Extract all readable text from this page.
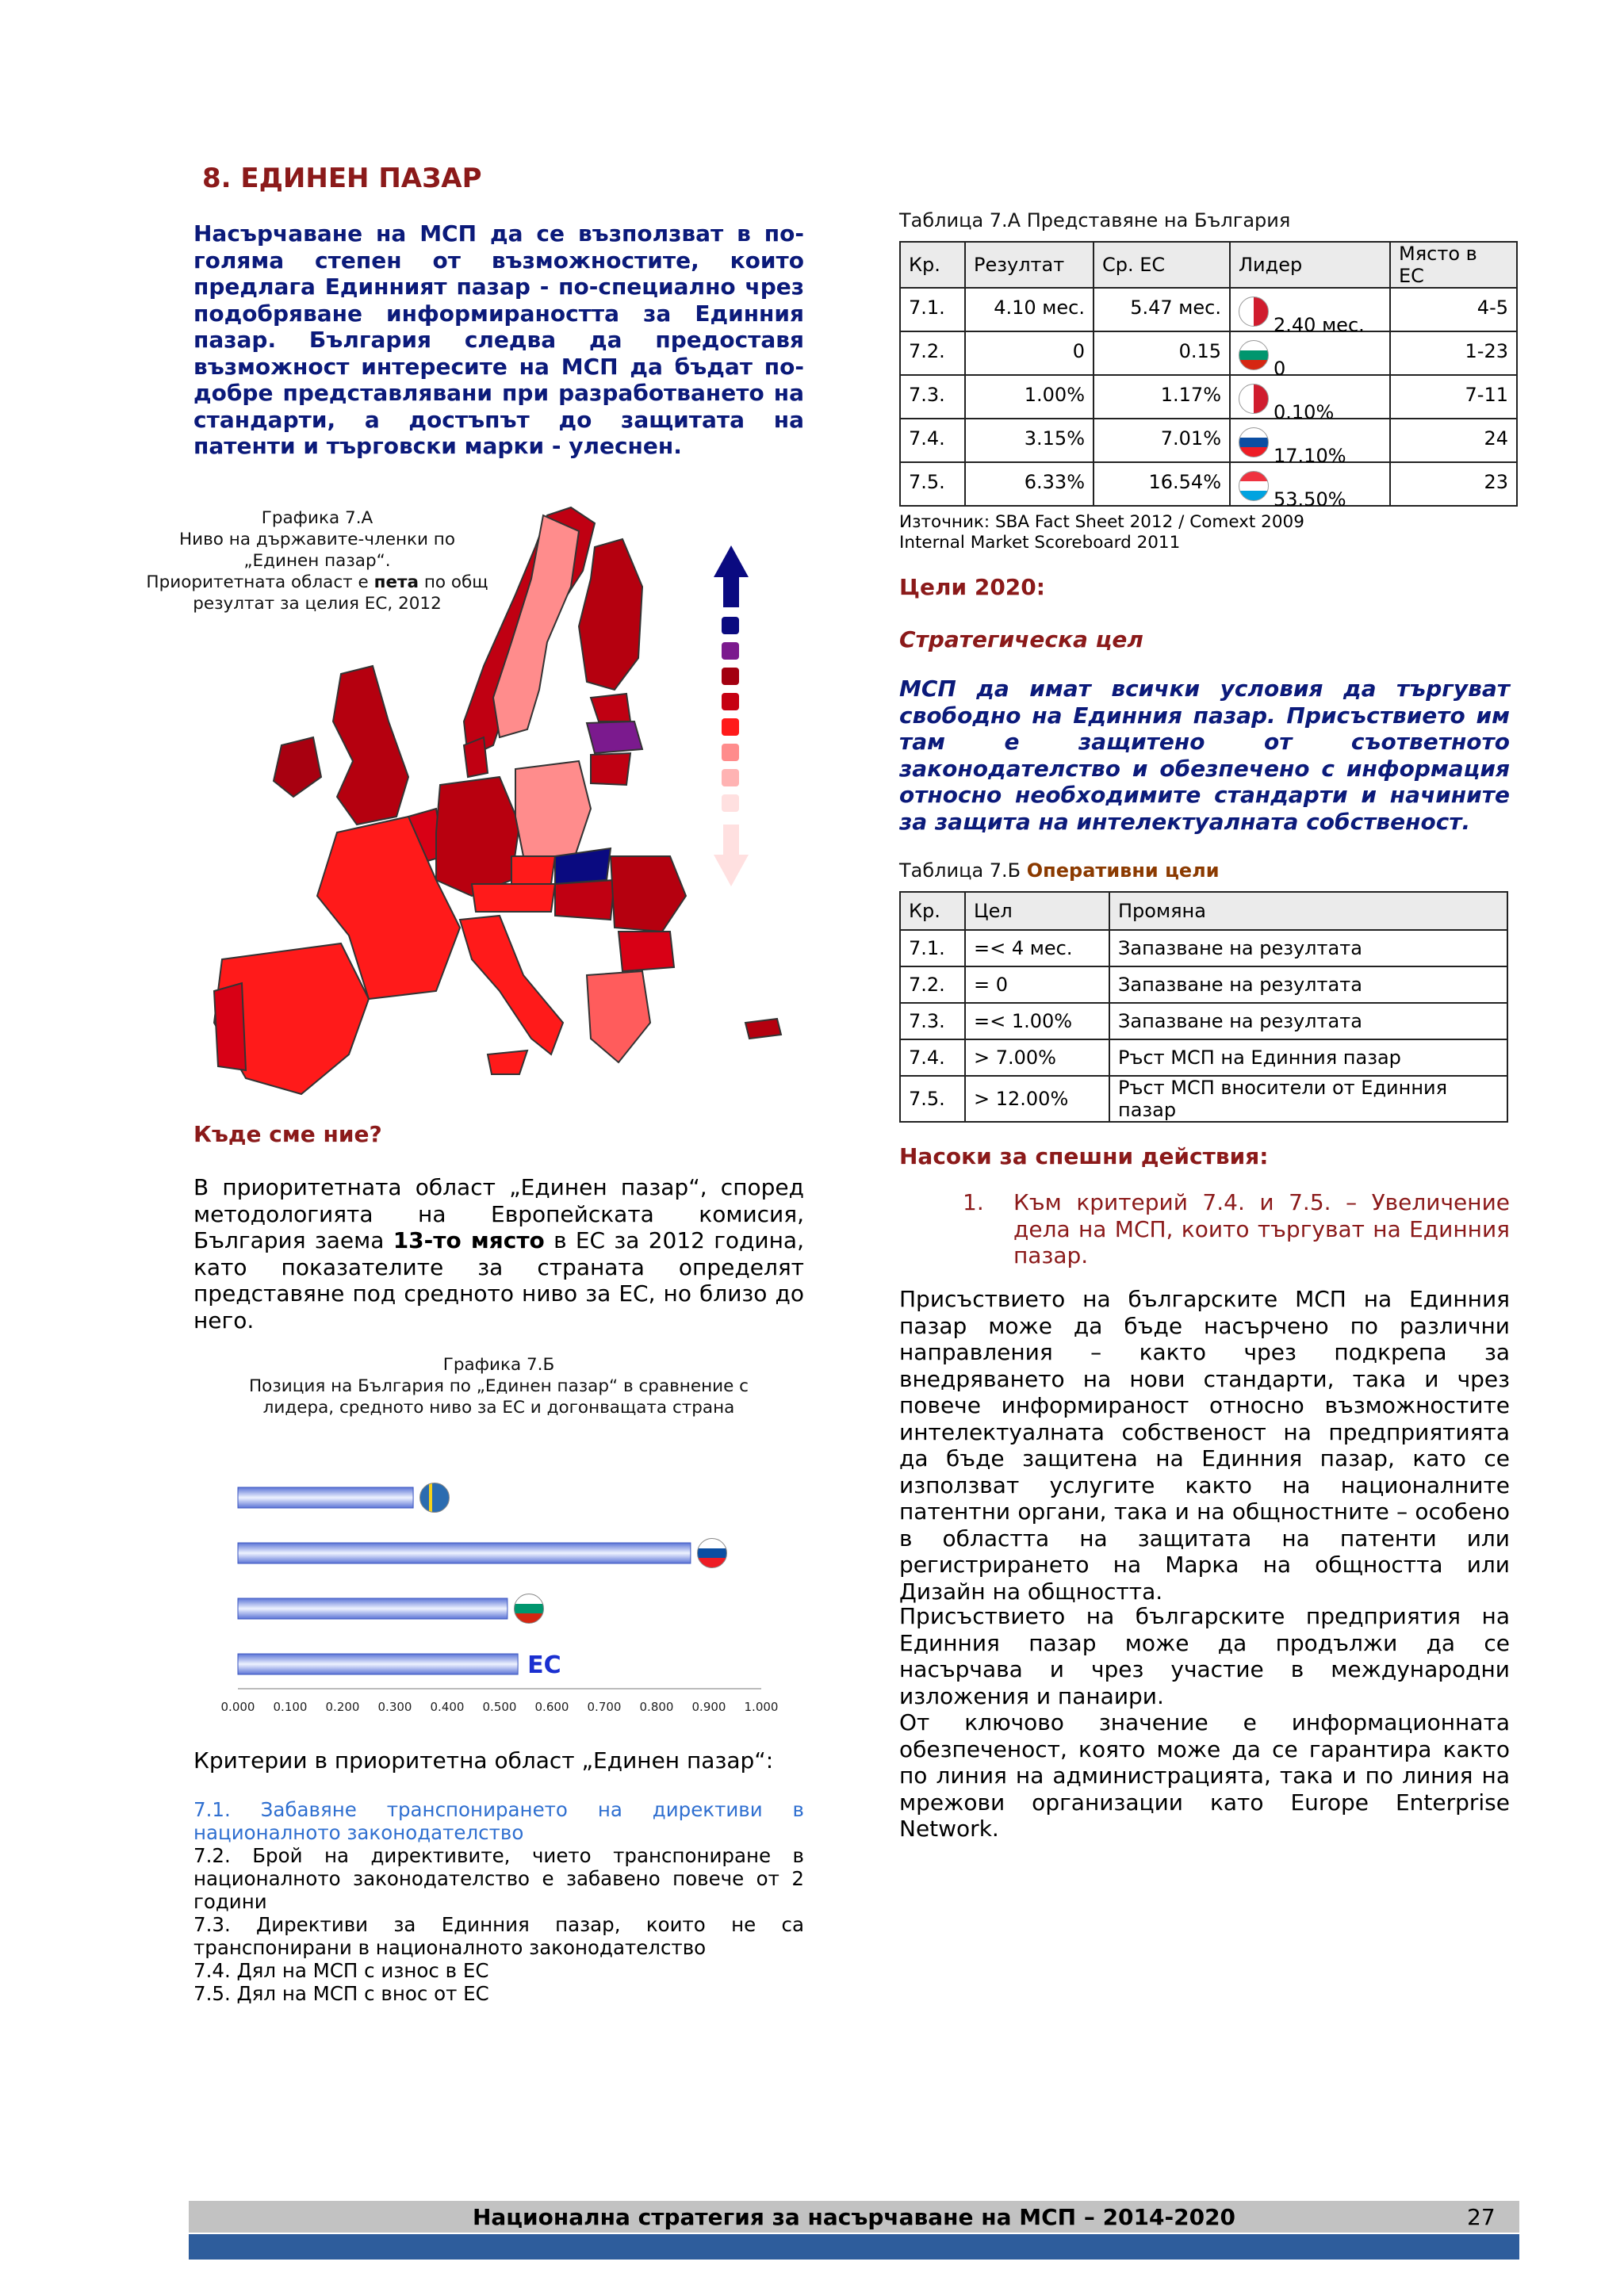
8. ЕДИНЕН ПАЗАР
Насърчаване на МСП да се възползват в по-голяма степен от възможностите, които предлага Единният пазар - по-специално чрез подобряване информираността за Единния пазар. България следва да предоставя възможност интересите на МСП да бъдат по-добре представлявани при разработването на стандарти, а достъпът до защитата на патенти и търговски марки - улеснен.
Графика 7.А
Ниво на държавите-членки по
„Единен пазар“.
Приоритетната област е пета по общ
резултат за целия ЕС, 2012
Къде сме ние?
В приоритетната област „Единен пазар“, според методологията на Европейската комисия, България заема 13-то място в ЕС за 2012 година, като показателите за страната определят представяне под средното ниво за ЕС, но близо до него.
Графика 7.Б
Позиция на България по „Единен пазар“ в сравнение с
лидера, средното ниво за ЕС и догонващата страна
ЕС
0.000 0.100 0.200 0.300 0.400 0.500 0.600 0.700 0.800 0.900 1.000
Критерии в приоритетна област „Единен пазар“:
7.1. Забавяне транспонирането на директиви в националното законодателство
7.2. Брой на директивите, чието транспониране в националното законодателство е забавено повече от 2 години
7.3. Директиви за Единния пазар, които не са транспонирани в националното законодателство
7.4. Дял на МСП с износ в ЕС
7.5. Дял на МСП с внос от ЕС
Таблица 7.А Представяне на България
Кр.	Резултат	Ср. ЕС	Лидер	Място в ЕС
7.1.	4.10 мес.	5.47 мес.	2.40 мес.	4-5
7.2.	0	0.15	0	1-23
7.3.	1.00%	1.17%	0.10%	7-11
7.4.	3.15%	7.01%	17.10%	24
7.5.	6.33%	16.54%	53.50%	23
Източник: SBA Fact Sheet 2012 / Comext 2009
Internal Market Scoreboard 2011
Цели 2020:
Стратегическа цел
МСП да имат всички условия да търгуват свободно на Единния пазар. Присъствието им там е защитено от съответното законодателство и обезпечено с информация относно необходимите стандарти и начините за защита на интелектуалната собственост.
Таблица 7.Б Оперативни цели
Кр.	Цел	Промяна
7.1.	=< 4 мес.	Запазване на резултата
7.2.	= 0	Запазване на резултата
7.3.	=< 1.00%	Запазване на резултата
7.4.	> 7.00%	Ръст МСП на Единния пазар
7.5.	> 12.00%	Ръст МСП вносители от Единния пазар
Насоки за спешни действия:
1. Към критерий 7.4. и 7.5. – Увеличение дела на МСП, които търгуват на Единния пазар.
Присъствието на българските МСП на Единния пазар може да бъде насърчено по различни направления – както чрез подкрепа за внедряването на нови стандарти, така и чрез повече информираност относно възможностите интелектуалната собственост на предприятията да бъде защитена на Единния пазар, като се използват услугите както на националните патентни органи, така и на общностните – особено в областта на защитата на патенти или регистрирането на Марка на общността или Дизайн на общността.
Присъствието на българските предприятия на Единния пазар може да продължи да се насърчава и чрез участие в международни изложения и панаири.
От ключово значение е информационната обезпеченост, която може да се гарантира както по линия на администрацията, така и по линия на мрежови организации като Europe Enterprise Network.
Национална стратегия за насърчаване на МСП – 2014-2020	27
